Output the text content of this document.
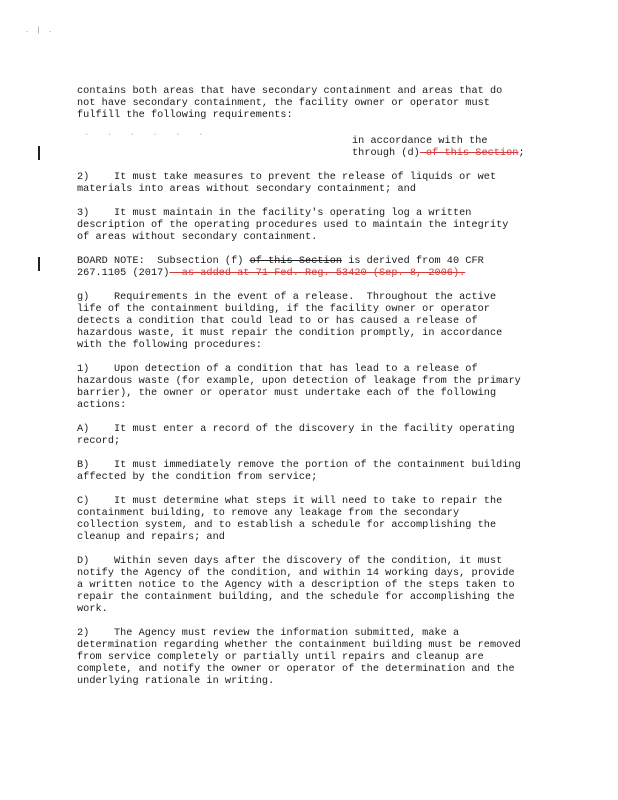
․ | ․
contains both areas that have secondary containment and areas that do
not have secondary containment, the facility owner or operator must
fulfill the following requirements:
. . . . . .
in accordance with the
through (d) of this Section;
2)    It must take measures to prevent the release of liquids or wet
materials into areas without secondary containment; and
3)    It must maintain in the facility's operating log a written
description of the operating procedures used to maintain the integrity
of areas without secondary containment.
BOARD NOTE:  Subsection (f) of this Section is derived from 40 CFR
267.1105 (2017)  as added at 71 Fed. Reg. 53420 (Sep. 8, 2006).
g)    Requirements in the event of a release.  Throughout the active
life of the containment building, if the facility owner or operator
detects a condition that could lead to or has caused a release of
hazardous waste, it must repair the condition promptly, in accordance
with the following procedures:
1)    Upon detection of a condition that has lead to a release of
hazardous waste (for example, upon detection of leakage from the primary
barrier), the owner or operator must undertake each of the following
actions:
A)    It must enter a record of the discovery in the facility operating
record;
B)    It must immediately remove the portion of the containment building
affected by the condition from service;
C)    It must determine what steps it will need to take to repair the
containment building, to remove any leakage from the secondary
collection system, and to establish a schedule for accomplishing the
cleanup and repairs; and
D)    Within seven days after the discovery of the condition, it must
notify the Agency of the condition, and within 14 working days, provide
a written notice to the Agency with a description of the steps taken to
repair the containment building, and the schedule for accomplishing the
work.
2)    The Agency must review the information submitted, make a
determination regarding whether the containment building must be removed
from service completely or partially until repairs and cleanup are
complete, and notify the owner or operator of the determination and the
underlying rationale in writing.
